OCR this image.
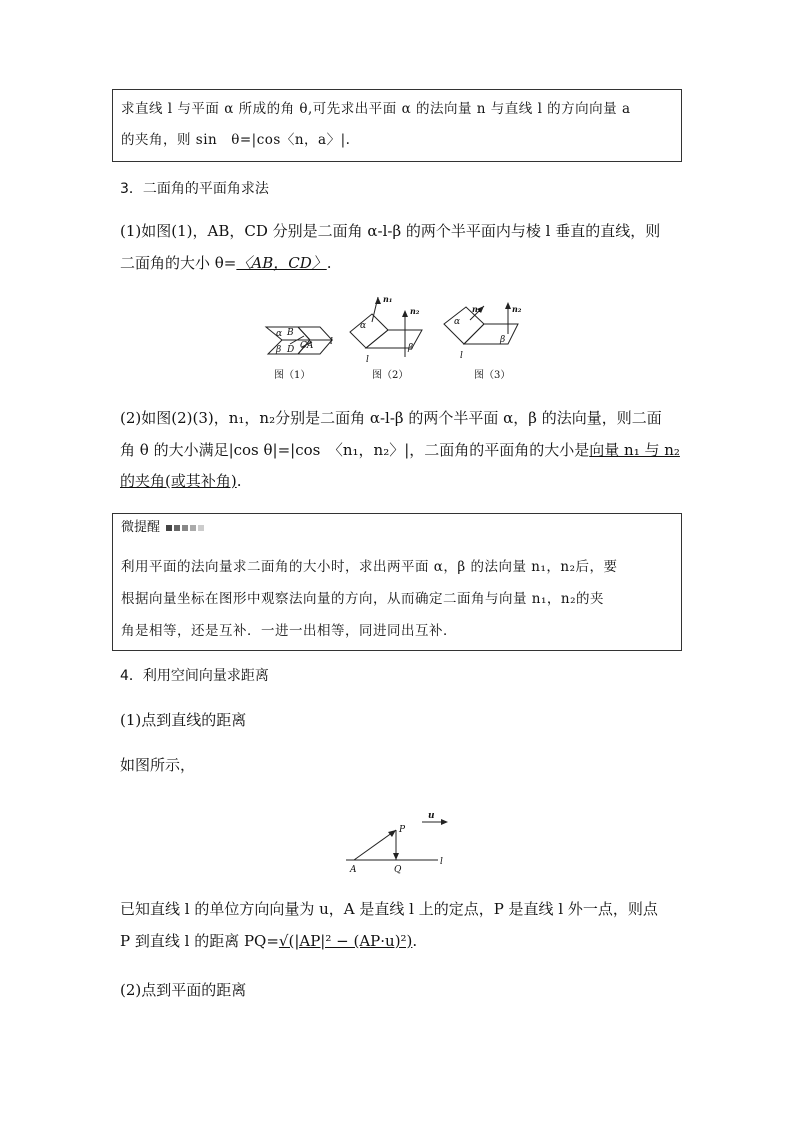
求直线 l 与平面 α 所成的角 θ,可先求出平面 α 的法向量 n 与直线 l 的方向向量 a
的夹角，则 sin　θ=|cos〈n，a〉|.
3．二面角的平面角求法
(1)如图(1)，AB，CD 分别是二面角 α-l-β 的两个半平面内与棱 l 垂直的直线，则
二面角的大小 θ=〈AB，CD〉.
α B
β D CA l
图（1）
n₁
n₂
α
β
l
图（2）
n₁	n₂
α
β
l
图（3）
(2)如图(2)(3)，n₁，n₂分别是二面角 α-l-β 的两个半平面 α，β 的法向量，则二面
角 θ 的大小满足|cos θ|=|cos　〈n₁，n₂〉|，二面角的平面角的大小是向量 n₁ 与 n₂
的夹角(或其补角).
微提醒
利用平面的法向量求二面角的大小时，求出两平面 α，β 的法向量 n₁，n₂后，要
根据向量坐标在图形中观察法向量的方向，从而确定二面角与向量 n₁，n₂的夹
角是相等，还是互补．一进一出相等，同进同出互补．
4．利用空间向量求距离
(1)点到直线的距离
如图所示，
u
P
A	Q
l
已知直线 l 的单位方向向量为 u，A 是直线 l 上的定点，P 是直线 l 外一点，则点
P 到直线 l 的距离 PQ=√(|AP|² − (AP·u)²).
(2)点到平面的距离
